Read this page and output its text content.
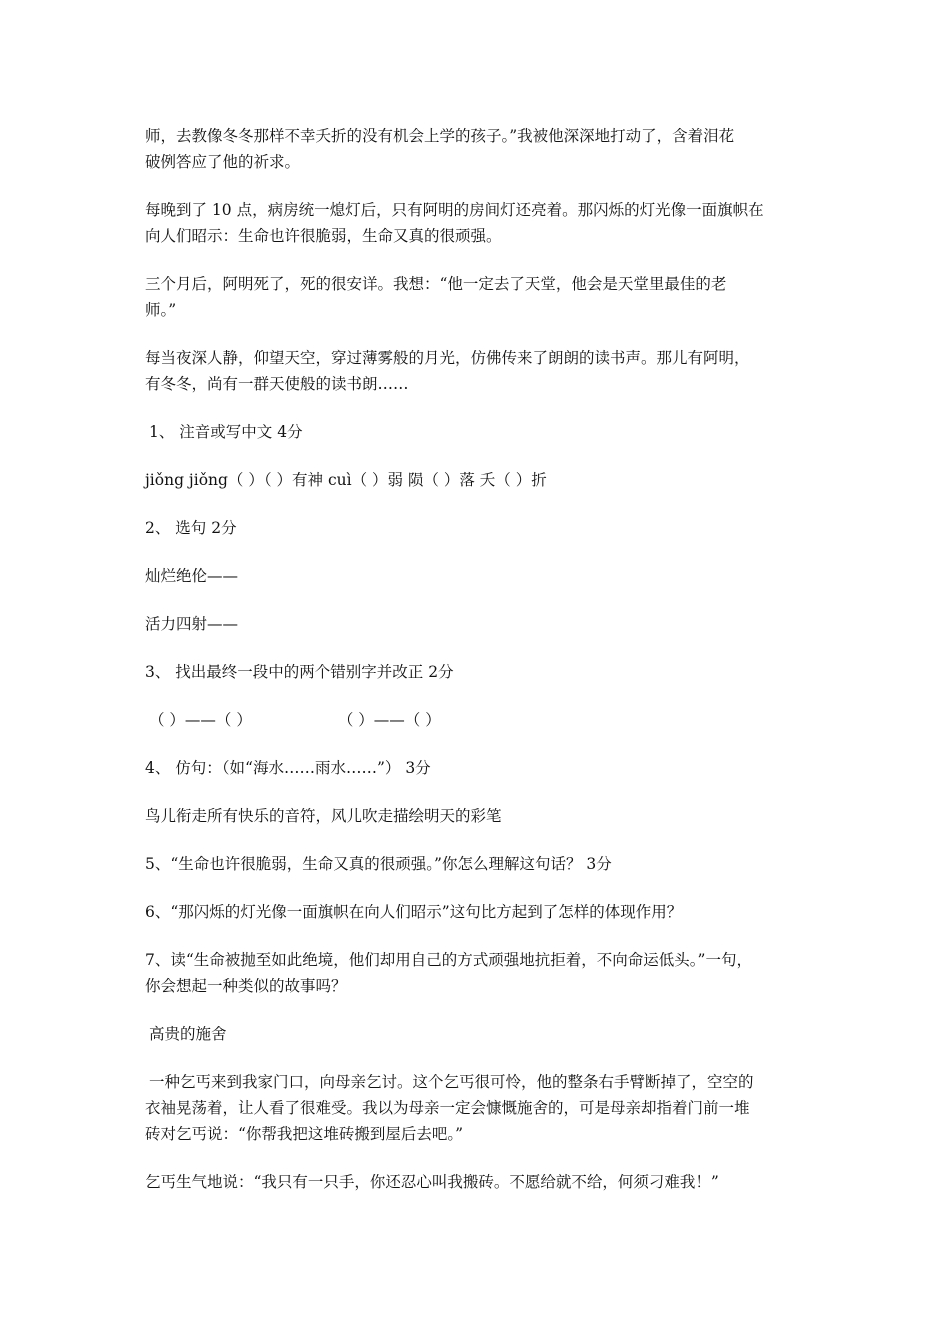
师，去教像冬冬那样不幸夭折的没有机会上学的孩子。”我被他深深地打动了，含着泪花
破例答应了他的祈求。

每晚到了 10 点，病房统一熄灯后，只有阿明的房间灯还亮着。那闪烁的灯光像一面旗帜在
向人们昭示：生命也许很脆弱，生命又真的很顽强。

三个月后，阿明死了，死的很安详。我想：“他一定去了天堂，他会是天堂里最佳的老
师。”

每当夜深人静，仰望天空，穿过薄雾般的月光，仿佛传来了朗朗的读书声。那儿有阿明，
有冬冬，尚有一群天使般的读书朗……

1、 注音或写中文 4分

jiǒng jiǒng（ ）（ ）有神 cuì（ ）弱 陨（ ）落 夭（ ）折

2、 选句 2分

灿烂绝伦——

活力四射——

3、 找出最终一段中的两个错别字并改正 2分

（ ）——（ ）	（ ）——（ ）

4、 仿句：（如“海水……雨水……”） 3分

鸟儿衔走所有快乐的音符，风儿吹走描绘明天的彩笔

5、“生命也许很脆弱，生命又真的很顽强。”你怎么理解这句话？ 3分

6、“那闪烁的灯光像一面旗帜在向人们昭示”这句比方起到了怎样的体现作用？

7、读“生命被抛至如此绝境，他们却用自己的方式顽强地抗拒着，不向命运低头。”一句，
你会想起一种类似的故事吗？

高贵的施舍

一种乞丐来到我家门口，向母亲乞讨。这个乞丐很可怜，他的整条右手臂断掉了，空空的
衣袖晃荡着，让人看了很难受。我以为母亲一定会慷慨施舍的，可是母亲却指着门前一堆
砖对乞丐说：“你帮我把这堆砖搬到屋后去吧。”

乞丐生气地说：“我只有一只手，你还忍心叫我搬砖。不愿给就不给，何须刁难我！”
